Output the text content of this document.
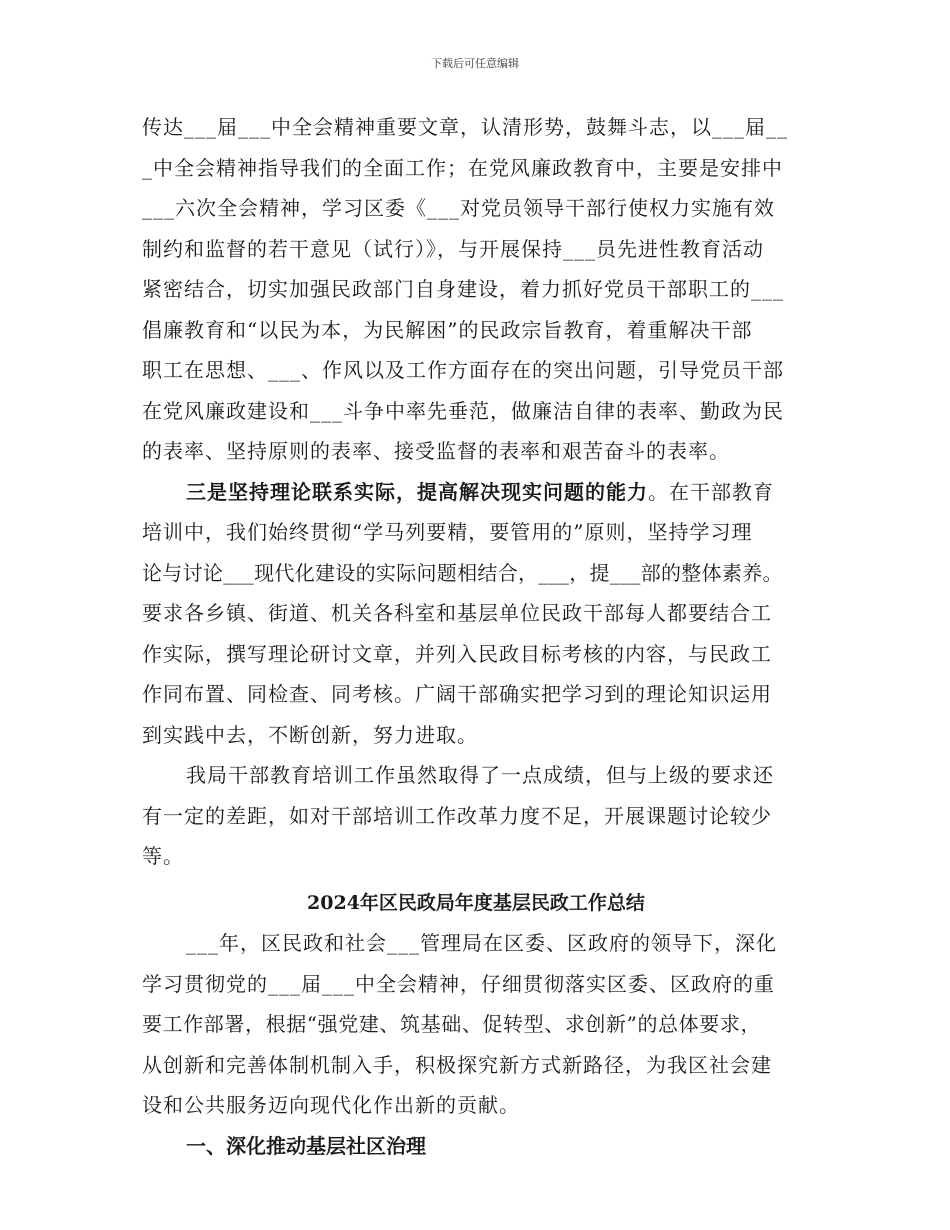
下载后可任意编辑
传达___届___中全会精神重要文章，认清形势，鼓舞斗志，以___届__
_中全会精神指导我们的全面工作；在党风廉政教育中，主要是安排中
___六次全会精神，学习区委《___对党员领导干部行使权力实施有效
制约和监督的若干意见（试行）》，与开展保持___员先进性教育活动
紧密结合，切实加强民政部门自身建设，着力抓好党员干部职工的___
倡廉教育和“以民为本，为民解困”的民政宗旨教育，着重解决干部
职工在思想、___、作风以及工作方面存在的突出问题，引导党员干部
在党风廉政建设和___斗争中率先垂范，做廉洁自律的表率、勤政为民
的表率、坚持原则的表率、接受监督的表率和艰苦奋斗的表率。
三是坚持理论联系实际，提高解决现实问题的能力。在干部教育
培训中，我们始终贯彻“学马列要精，要管用的”原则，坚持学习理
论与讨论___现代化建设的实际问题相结合，___，提___部的整体素养。
要求各乡镇、街道、机关各科室和基层单位民政干部每人都要结合工
作实际，撰写理论研讨文章，并列入民政目标考核的内容，与民政工
作同布置、同检查、同考核。广阔干部确实把学习到的理论知识运用
到实践中去，不断创新，努力进取。
我局干部教育培训工作虽然取得了一点成绩，但与上级的要求还
有一定的差距，如对干部培训工作改革力度不足，开展课题讨论较少
等。
2024年区民政局年度基层民政工作总结
___年，区民政和社会___管理局在区委、区政府的领导下，深化
学习贯彻党的___届___中全会精神，仔细贯彻落实区委、区政府的重
要工作部署，根据“强党建、筑基础、促转型、求创新”的总体要求，
从创新和完善体制机制入手，积极探究新方式新路径，为我区社会建
设和公共服务迈向现代化作出新的贡献。
一、深化推动基层社区治理
